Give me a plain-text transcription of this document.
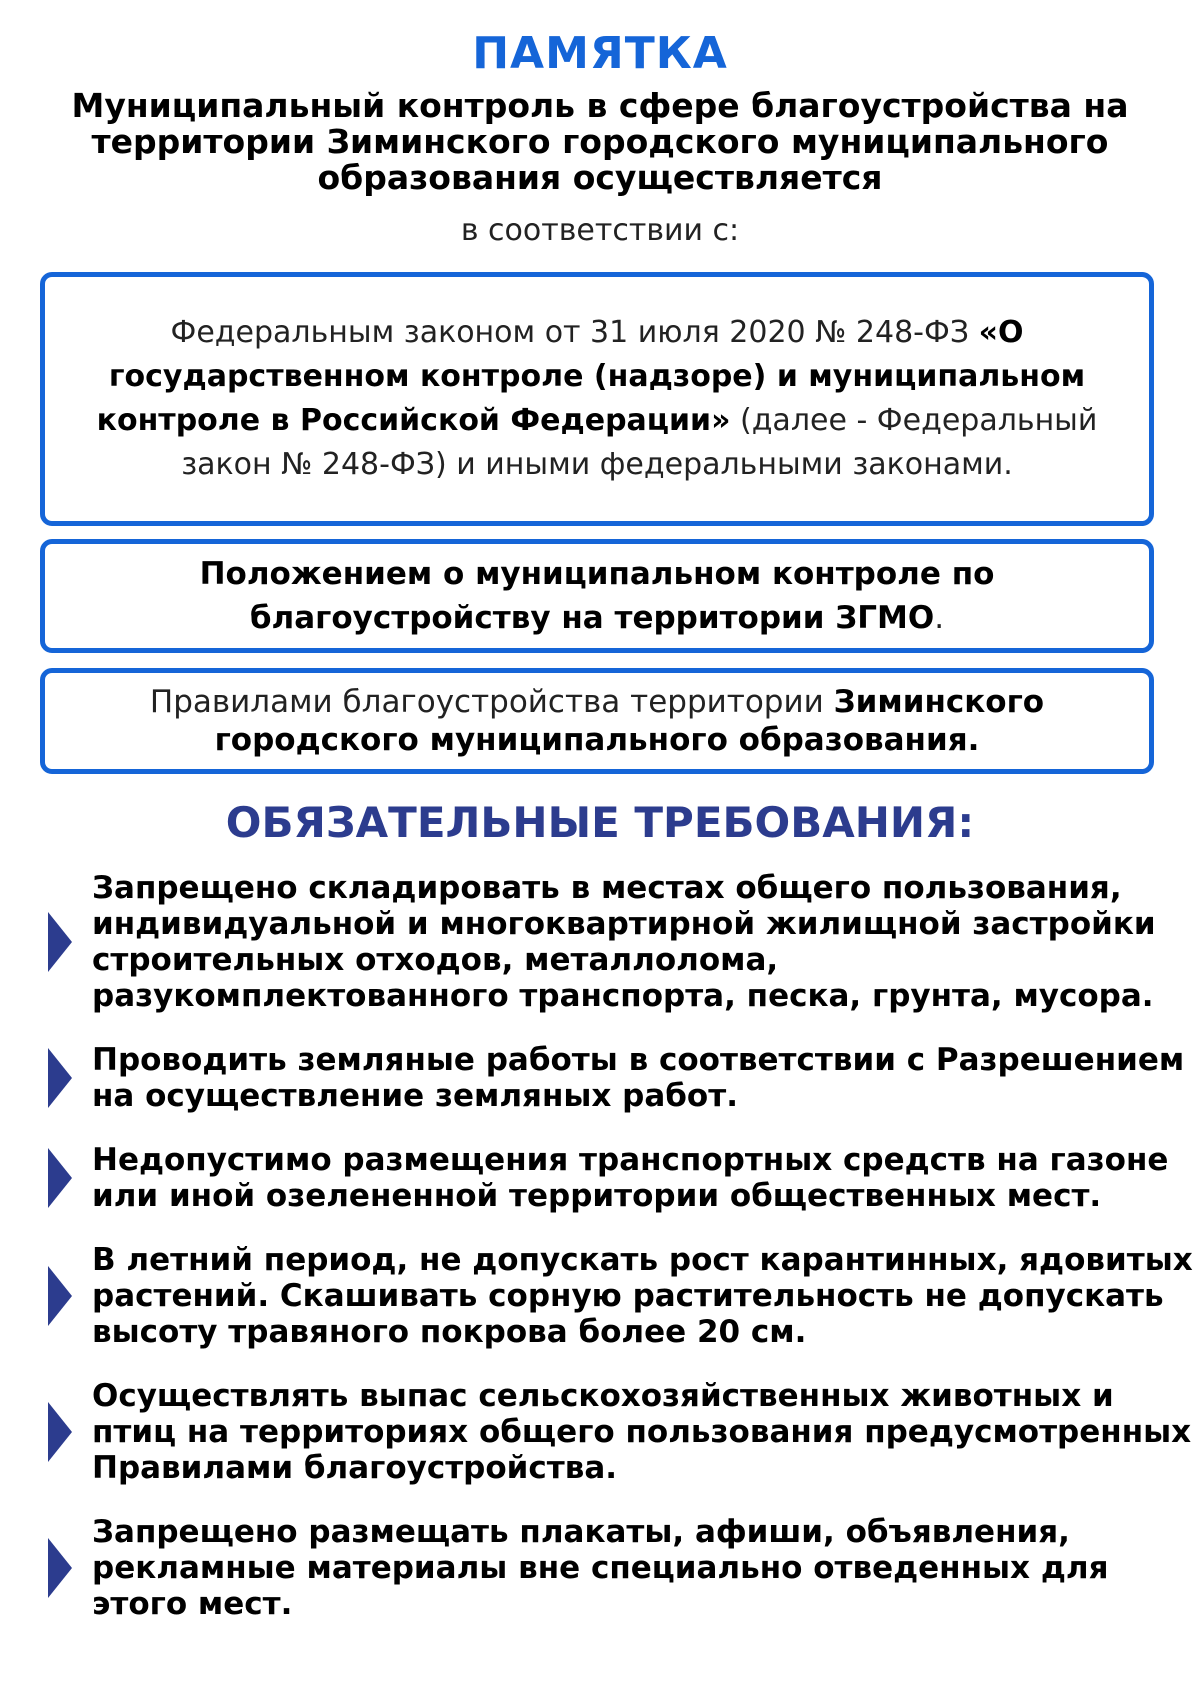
ПАМЯТКА
Муниципальный контроль в сфере благоустройства на территории Зиминского городского муниципального образования осуществляется
в соответствии с:

Федеральным законом от 31 июля 2020 № 248-ФЗ «О государственном контроле (надзоре) и муниципальном контроле в Российской Федерации» (далее - Федеральный закон № 248-ФЗ) и иными федеральными законами.

Положением о муниципальном контроле по благоустройству на территории ЗГМО.

Правилами благоустройства территории Зиминского городского муниципального образования.

ОБЯЗАТЕЛЬНЫЕ ТРЕБОВАНИЯ:
Запрещено складировать в местах общего пользования, индивидуальной и многоквартирной жилищной застройки строительных отходов, металлолома, разукомплектованного транспорта, песка, грунта, мусора.
Проводить земляные работы в соответствии с Разрешением на осуществление земляных работ.
Недопустимо размещения транспортных средств на газоне или иной озелененной территории общественных мест.
В летний период, не допускать рост карантинных, ядовитых растений. Скашивать сорную растительность не допускать высоту травяного покрова более 20 см.
Осуществлять выпас сельскохозяйственных животных и птиц на территориях общего пользования предусмотренных Правилами благоустройства.
Запрещено размещать плакаты, афиши, объявления, рекламные материалы вне специально отведенных для этого мест.
